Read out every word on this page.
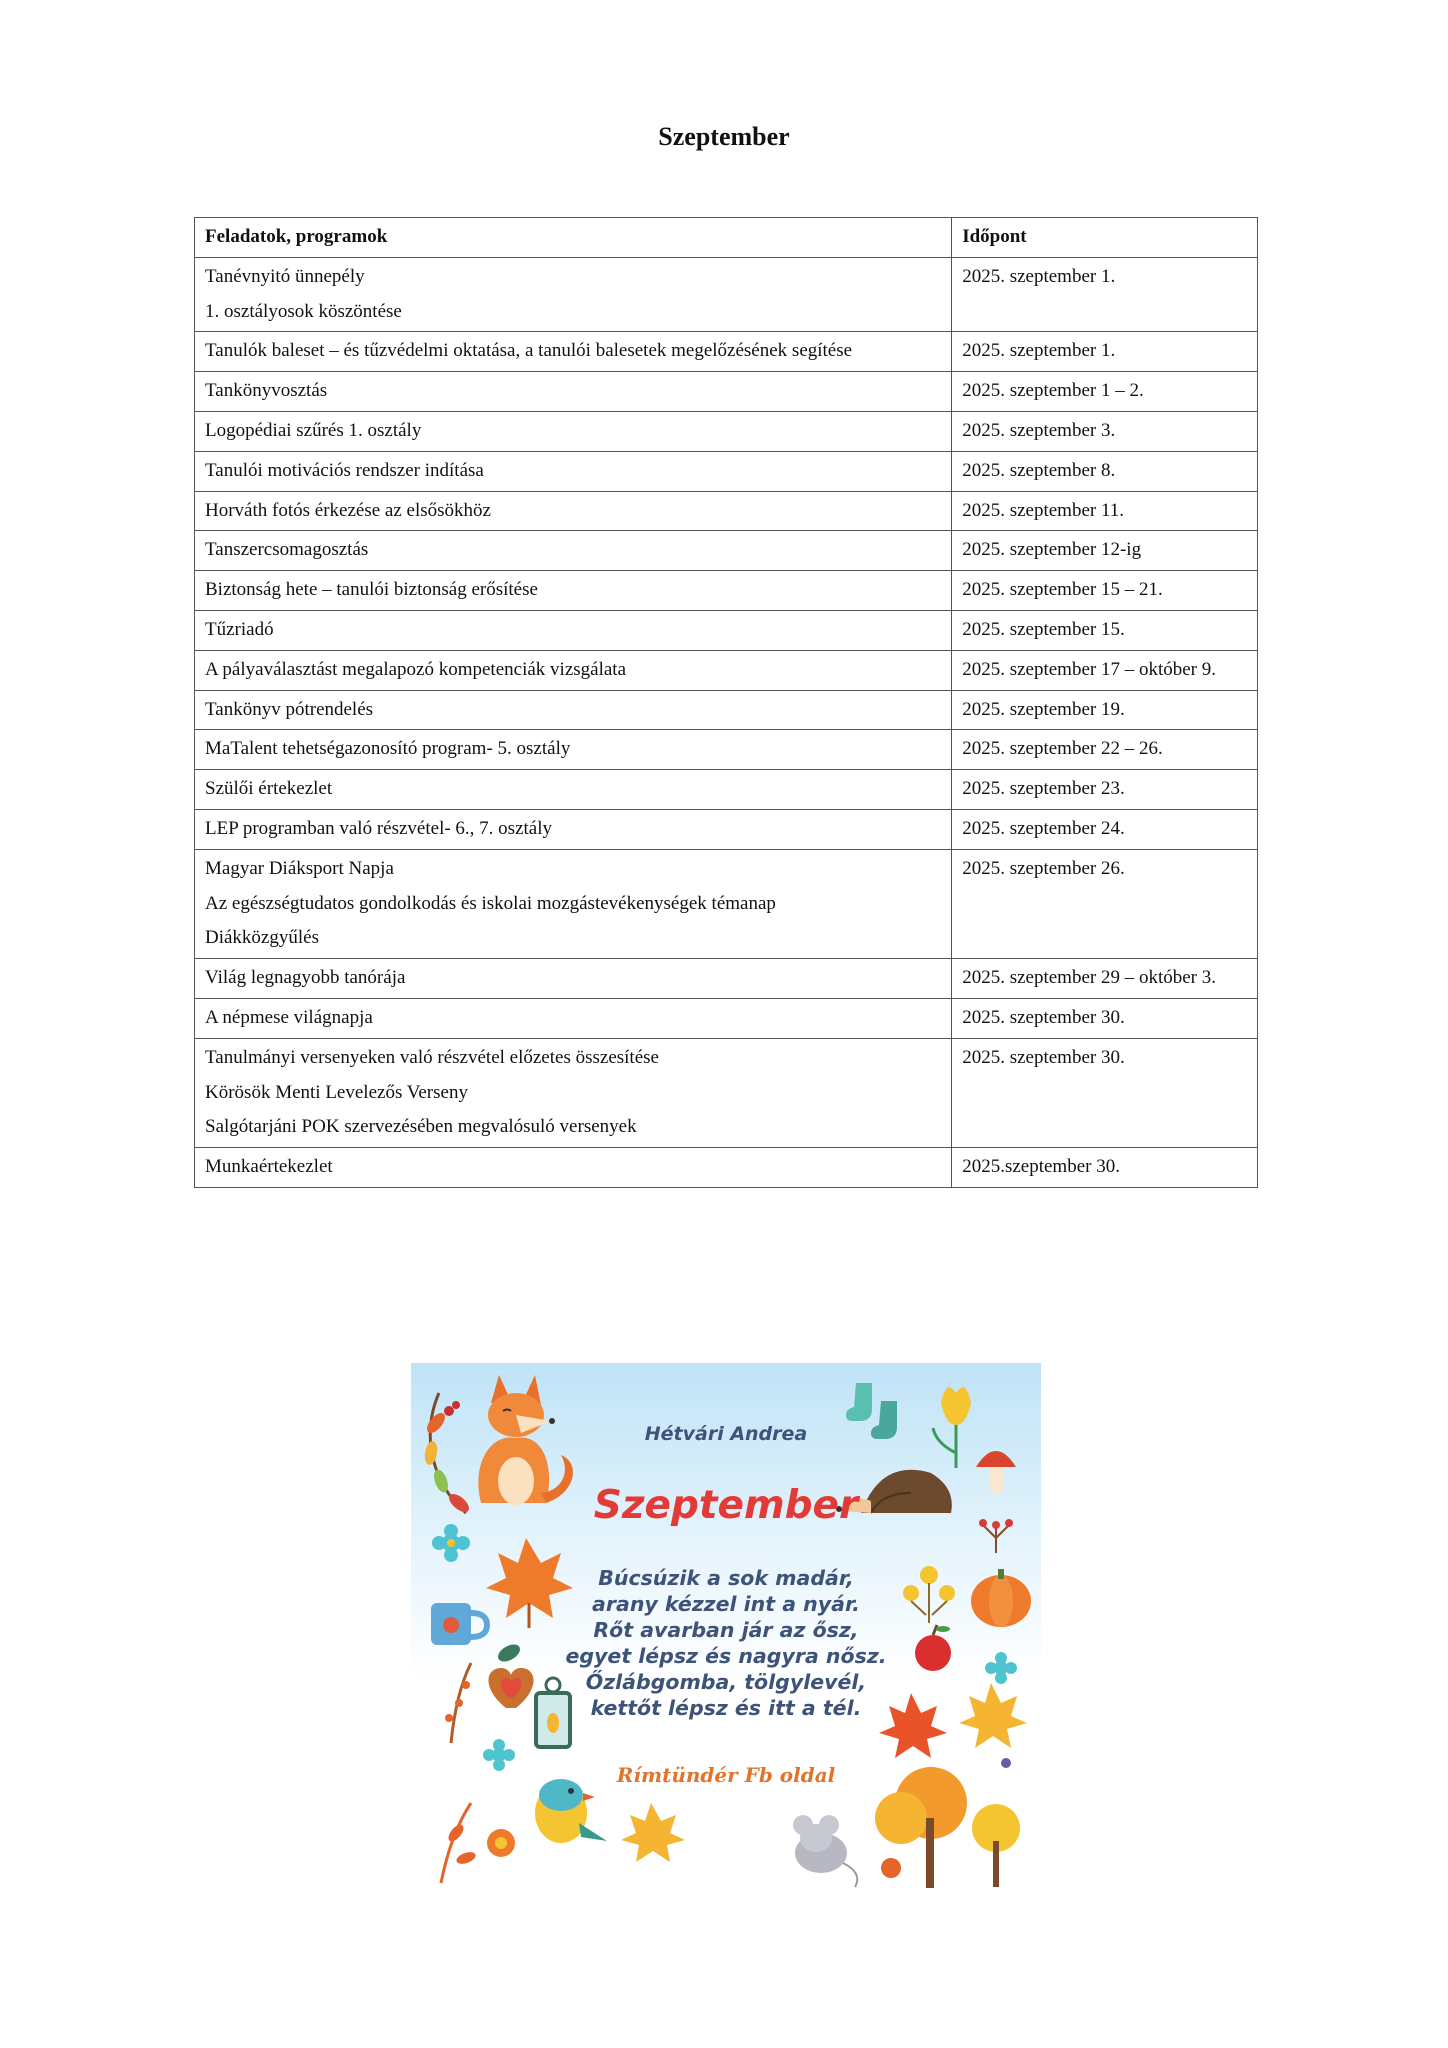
Szeptember
Feladatok, programok	Időpont

Tanévnyitó ünnepély
1. osztályosok köszöntése	2025. szeptember 1.
Tanulók baleset – és tűzvédelmi oktatása, a tanulói balesetek megelőzésének segítése	2025. szeptember 1.
Tankönyvosztás	2025. szeptember 1 – 2.
Logopédiai szűrés 1. osztály	2025. szeptember 3.
Tanulói motivációs rendszer indítása	2025. szeptember 8.
Horváth fotós érkezése az elsősökhöz	2025. szeptember 11.
Tanszercsomagosztás	2025. szeptember 12-ig
Biztonság hete – tanulói biztonság erősítése	2025. szeptember 15 – 21.
Tűzriadó	2025. szeptember 15.
A pályaválasztást megalapozó kompetenciák vizsgálata	2025. szeptember 17 – október 9.
Tankönyv pótrendelés	2025. szeptember 19.
MaTalent tehetségazonosító program- 5. osztály	2025. szeptember 22 – 26.
Szülői értekezlet	2025. szeptember 23.
LEP programban való részvétel- 6., 7. osztály	2025. szeptember 24.

Magyar Diáksport Napja
Az egészségtudatos gondolkodás és iskolai mozgástevékenységek témanap
Diákközgyűlés	2025. szeptember 26.
Világ legnagyobb tanórája	2025. szeptember 29 – október 3.
A népmese világnapja	2025. szeptember 30.

Tanulmányi versenyeken való részvétel előzetes összesítése
Körösök Menti Levelezős Verseny
Salgótarjáni POK szervezésében megvalósuló versenyek	2025. szeptember 30.
Munkaértekezlet	2025.szeptember 30.
Hétvári Andrea
Szeptember
Búcsúzik a sok madár,
arany kézzel int a nyár.
Rőt avarban jár az ősz,
egyet lépsz és nagyra nősz.
Őzlábgomba, tölgylevél,
kettőt lépsz és itt a tél.
Rímtündér Fb oldal
